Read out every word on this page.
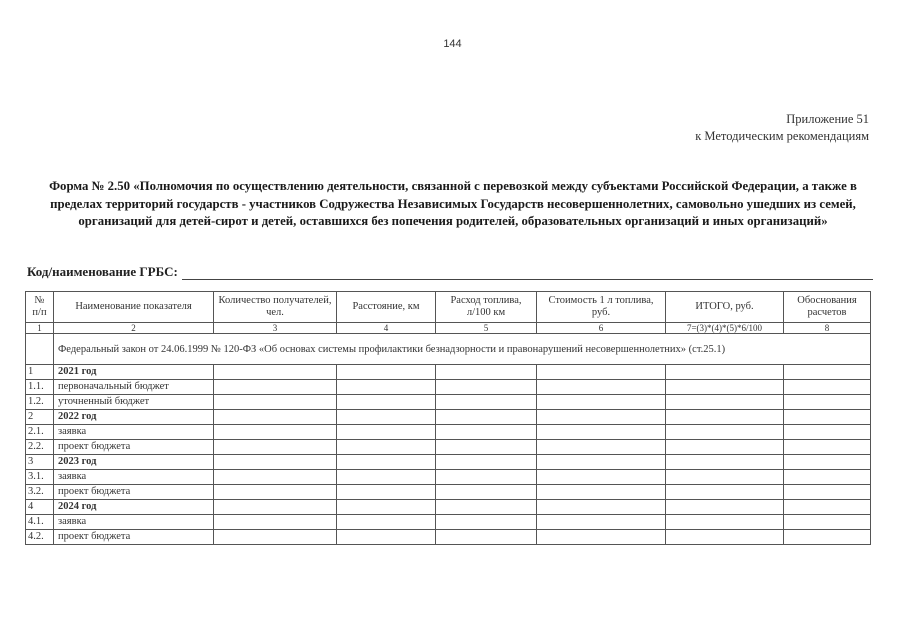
144
Приложение 51
к Методическим рекомендациям
Форма № 2.50 «Полномочия по осуществлению деятельности, связанной с перевозкой между субъектами Российской Федерации, а также в пределах территорий государств - участников Содружества Независимых Государств несовершеннолетних, самовольно ушедших из семей, организаций для детей-сирот и детей, оставшихся без попечения родителей, образовательных организаций и иных организаций»
Код/наименование ГРБС:
№ п/п	Наименование показателя	Количество получателей, чел.	Расстояние, км	Расход топлива, л/100 км	Стоимость 1 л топлива, руб.	ИТОГО, руб.	Обоснования расчетов
1	2	3	4	5	6	7=(3)*(4)*(5)*6/100	8
	Федеральный закон от 24.06.1999 № 120-ФЗ «Об основах системы профилактики безнадзорности и правонарушений несовершеннолетних» (ст.25.1)						
1	2021 год						
1.1.	первоначальный бюджет						
1.2.	уточненный бюджет						
2	2022 год						
2.1.	заявка						
2.2.	проект бюджета						
3	2023 год						
3.1.	заявка						
3.2.	проект бюджета						
4	2024 год						
4.1.	заявка						
4.2.	проект бюджета						
